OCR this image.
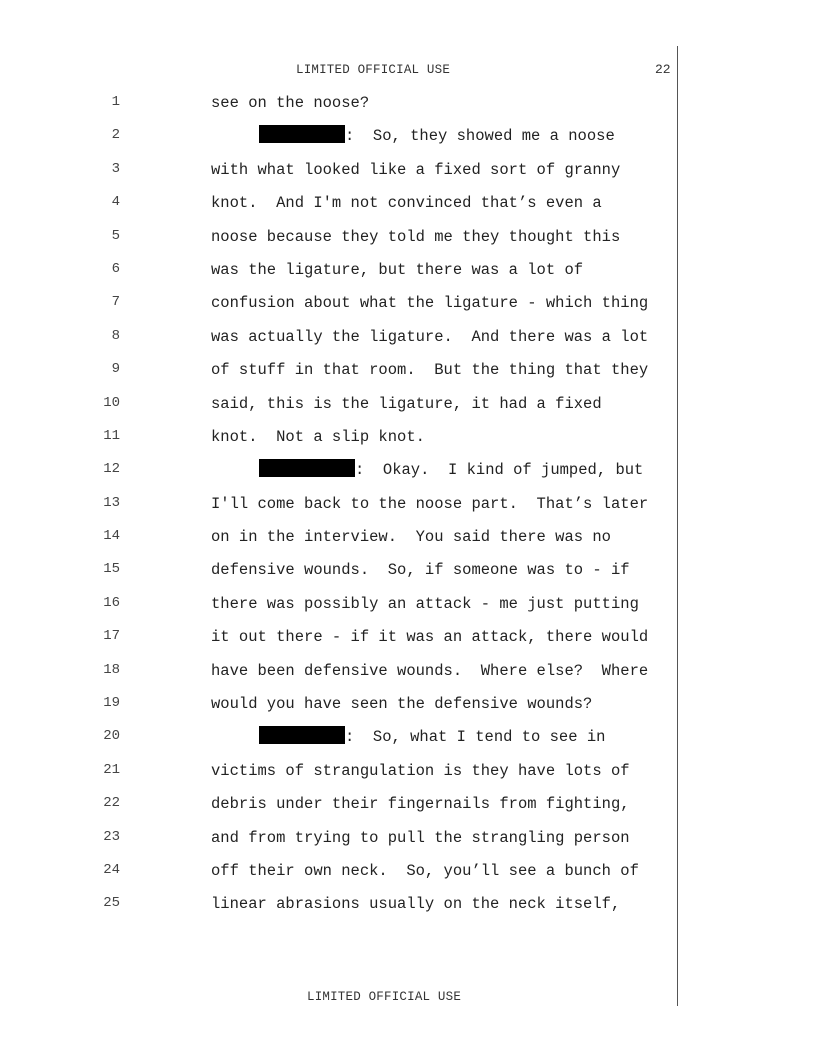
LIMITED OFFICIAL USE	22

1

	see on the noose?

2

	:  So, they showed me a noose

3

	with what looked like a fixed sort of granny

4

	knot.  And I'm not convinced that’s even a

5

	noose because they told me they thought this

6

	was the ligature, but there was a lot of

7

	confusion about what the ligature - which thing

8

	was actually the ligature.  And there was a lot

9

	of stuff in that room.  But the thing that they

10

	said, this is the ligature, it had a fixed

11

	knot.  Not a slip knot.

12

	:  Okay.  I kind of jumped, but

13

	I'll come back to the noose part.  That’s later

14

	on in the interview.  You said there was no

15

	defensive wounds.  So, if someone was to - if

16

	there was possibly an attack - me just putting

17

	it out there - if it was an attack, there would

18

	have been defensive wounds.  Where else?  Where

19

	would you have seen the defensive wounds?

20

	:  So, what I tend to see in

21

	victims of strangulation is they have lots of

22

	debris under their fingernails from fighting,

23

	and from trying to pull the strangling person

24

	off their own neck.  So, you’ll see a bunch of

25

	linear abrasions usually on the neck itself,

LIMITED OFFICIAL USE
